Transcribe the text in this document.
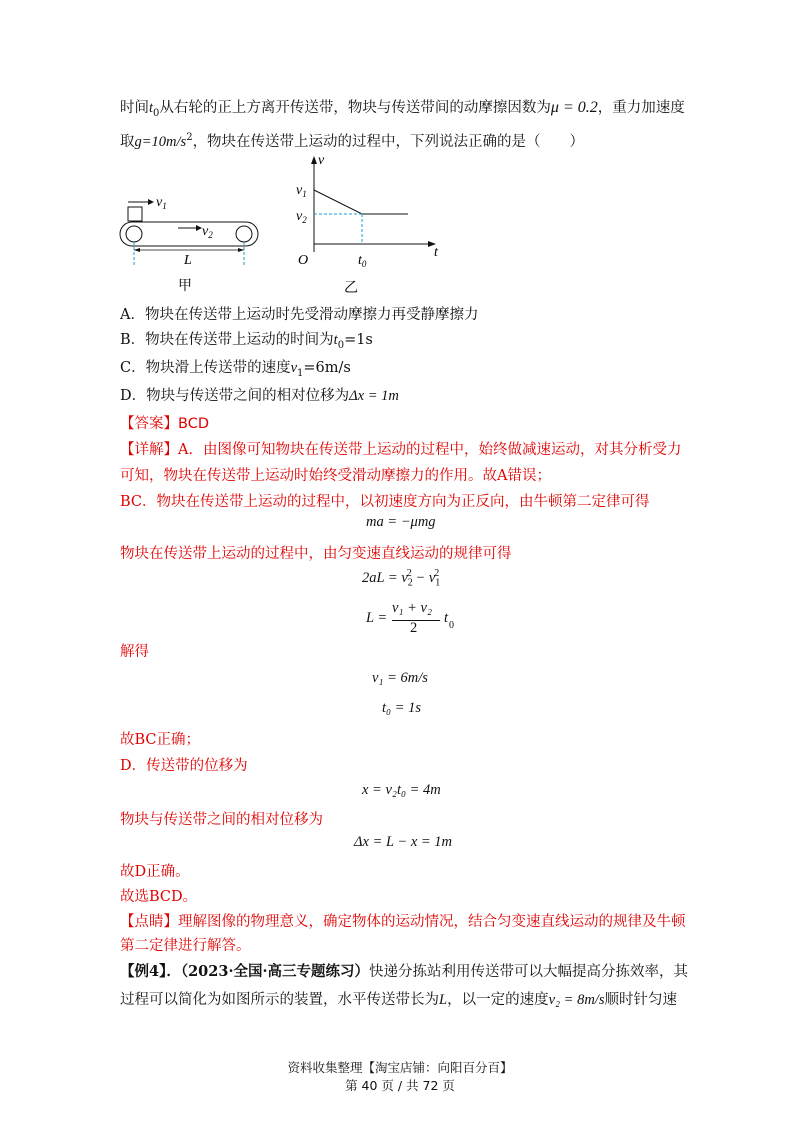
时间$t_0$从右轮的正上方离开传送带，物块与传送带间的动摩擦因数为μ = 0.2，重力加速度
取$g=10m/s^2$，物块在传送带上运动的过程中，下列说法正确的是（　　）
$v_1$
$v_2$
L
甲
v
t
$v_1$
$v_2$
O	$t_0$
乙
A．物块在传送带上运动时先受滑动摩擦力再受静摩擦力
B．物块在传送带上运动的时间为$t_0=1s$
C．物块滑上传送带的速度$v_1=6m/s$
D．物块与传送带之间的相对位移为Δx = 1m
【答案】BCD
【详解】A．由图像可知物块在传送带上运动的过程中，始终做减速运动，对其分析受力
可知，物块在传送带上运动时始终受滑动摩擦力的作用。故A错误；
BC．物块在传送带上运动的过程中，以初速度方向为正反向，由牛顿第二定律可得
ma = −μmg
物块在传送带上运动的过程中，由匀变速直线运动的规律可得
$2aL = v_2^2 - v_1^2$
L =
v₁ + v₂
2
t 0
解得
v₁ = 6m/s
t₀ = 1s
故BC正确；
D．传送带的位移为
x = v₂t₀ = 4m
物块与传送带之间的相对位移为
Δx = L − x = 1m
故D正确。
故选BCD。
【点睛】理解图像的物理意义，确定物体的运动情况，结合匀变速直线运动的规律及牛顿
第二定律进行解答。
【例4】．（2023·全国·高三专题练习）快递分拣站利用传送带可以大幅提高分拣效率，其
过程可以简化为如图所示的装置，水平传送带长为L，以一定的速度v₂ = 8m/s顺时针匀速
资料收集整理【淘宝店铺：向阳百分百】
第 40 页 / 共 72 页
